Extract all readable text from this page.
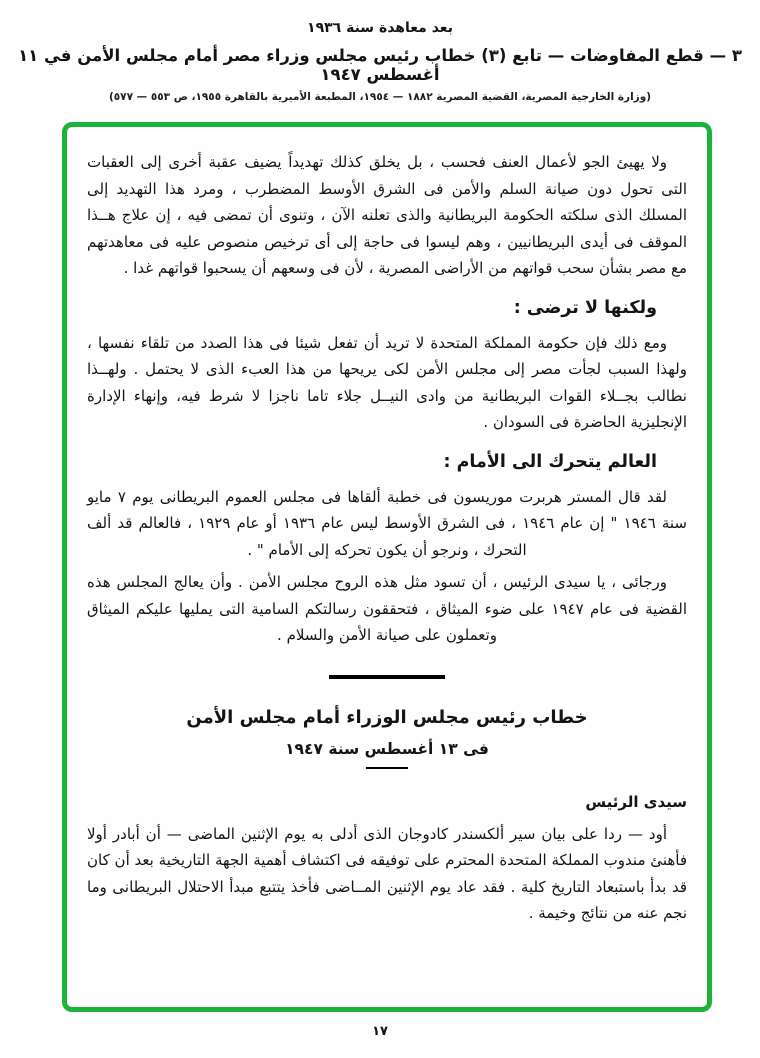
بعد معاهدة سنة ١٩٣٦
٣ — قطع المفاوضات — تابع (٣) خطاب رئيس مجلس وزراء مصر أمام مجلس الأمن في ١١ أغسطس ١٩٤٧
(وزارة الخارجية المصرية، القضية المصرية ١٨٨٢ — ١٩٥٤، المطبعة الأميرية بالقاهرة ١٩٥٥، ص ٥٥٣ — ٥٧٧)

ولا يهيئ الجو لأعمال العنف فحسب ، بل يخلق كذلك تهديداً يضيف عقبة أخرى إلى العقبات التى تحول دون صيانة السلم والأمن فى الشرق الأوسط المضطرب ، ومرد هذا التهديد إلى المسلك الذى سلكته الحكومة البريطانية والذى تعلنه الآن ، وتنوى أن تمضى فيه ، إن علاج هــذا الموقف فى أيدى البريطانيين ، وهم ليسوا فى حاجة إلى أى ترخيص منصوص عليه فى معاهدتهم مع مصر بشأن سحب قواتهم من الأراضى المصرية ، لأن فى وسعهم أن يسحبوا قواتهم غدا .

ولكنها لا ترضى :

ومع ذلك فإن حكومة المملكة المتحدة لا تريد أن تفعل شيئا فى هذا الصدد من تلقاء نفسها ، ولهذا السبب لجأت مصر إلى مجلس الأمن لكى يريحها من هذا العبء الذى لا يحتمل . ولهــذا نطالب بجــلاء القوات البريطانية من وادى النيــل جلاء تاما ناجزا لا شرط فيه، وإنهاء الإدارة الإنجليزية الحاضرة فى السودان .

العالم يتحرك الى الأمام :

لقد قال المستر هربرت موريسون فى خطبة ألقاها فى مجلس العموم البريطانى يوم ٧ مايو سنة ١٩٤٦ " إن عام ١٩٤٦ ، فى الشرق الأوسط ليس عام ١٩٣٦ أو عام ١٩٢٩ ، فالعالم قد ألف التحرك ، ونرجو أن يكون تحركه إلى الأمام " .

ورجائى ، يا سيدى الرئيس ، أن تسود مثل هذه الروح مجلس الأمن . وأن يعالج المجلس هذه القضية فى عام ١٩٤٧ على ضوء الميثاق ، فتحققون رسالتكم السامية التى يمليها عليكم الميثاق وتعملون على صيانة الأمن والسلام .

خطاب رئيس مجلس الوزراء أمام مجلس الأمن
فى ١٣ أغسطس سنة ١٩٤٧
سيدى الرئيس

أود — ردا على بيان سير ألكسندر كادوجان الذى أدلى به يوم الإثنين الماضى — أن أبادر أولا فأهنئ مندوب المملكة المتحدة المحترم على توفيقه فى اكتشاف أهمية الجهة التاريخية بعد أن كان قد بدأ باستبعاد التاريخ كلية . فقد عاد يوم الإثنين المــاضى فأخذ يتتبع مبدأ الاحتلال البريطانى وما نجم عنه من نتائج وخيمة .

١٧
